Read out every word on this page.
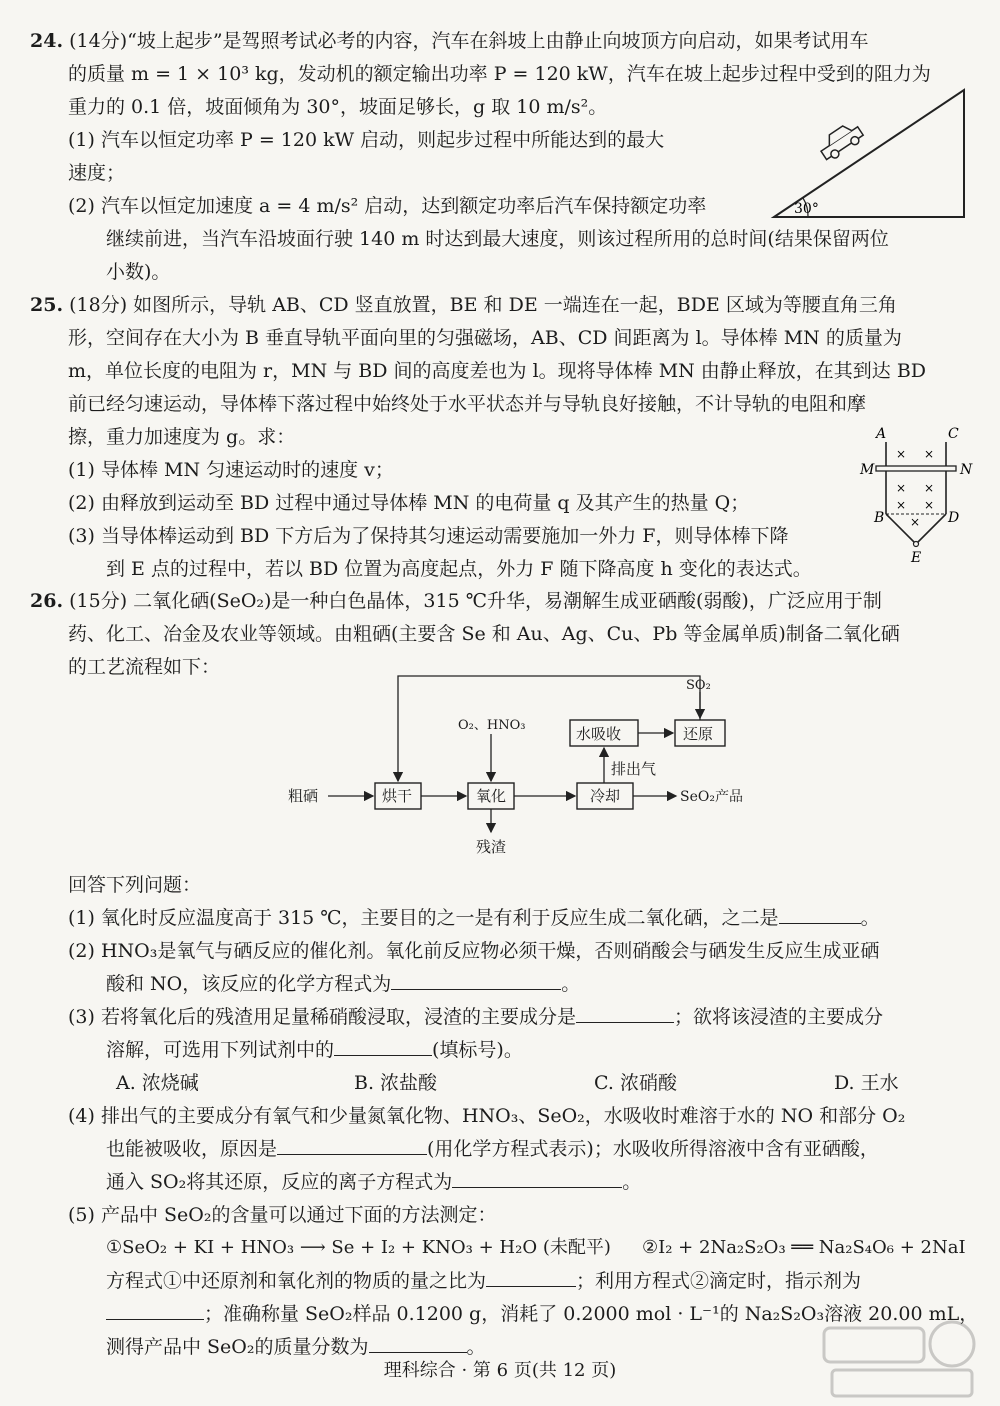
24. (14分)“坡上起步”是驾照考试必考的内容，汽车在斜坡上由静止向坡顶方向启动，如果考试用车
的质量 m = 1 × 10³ kg，发动机的额定输出功率 P = 120 kW，汽车在坡上起步过程中受到的阻力为
重力的 0.1 倍，坡面倾角为 30°，坡面足够长，g 取 10 m/s²。
(1) 汽车以恒定功率 P = 120 kW 启动，则起步过程中所能达到的最大
速度；
(2) 汽车以恒定加速度 a = 4 m/s² 启动，达到额定功率后汽车保持额定功率
继续前进，当汽车沿坡面行驶 140 m 时达到最大速度，则该过程所用的总时间(结果保留两位
小数)。
30°
25. (18分) 如图所示，导轨 AB、CD 竖直放置，BE 和 DE 一端连在一起，BDE 区域为等腰直角三角
形，空间存在大小为 B 垂直导轨平面向里的匀强磁场，AB、CD 间距离为 l。导体棒 MN 的质量为
m，单位长度的电阻为 r，MN 与 BD 间的高度差也为 l。现将导体棒 MN 由静止释放，在其到达 BD
前已经匀速运动，导体棒下落过程中始终处于水平状态并与导轨良好接触，不计导轨的电阻和摩
擦，重力加速度为 g。求：
(1) 导体棒 MN 匀速运动时的速度 v；
(2) 由释放到运动至 BD 过程中通过导体棒 MN 的电荷量 q 及其产生的热量 Q；
(3) 当导体棒运动到 BD 下方后为了保持其匀速运动需要施加一外力 F，则导体棒下降
到 E 点的过程中，若以 BD 位置为高度起点，外力 F 随下降高度 h 变化的表达式。
A	C
M	N
B	D
E
× ×
× ×
× ×
×
26. (15分) 二氧化硒(SeO₂)是一种白色晶体，315 ℃升华，易潮解生成亚硒酸(弱酸)，广泛应用于制
药、化工、冶金及农业等领域。由粗硒(主要含 Se 和 Au、Ag、Cu、Pb 等金属单质)制备二氧化硒
的工艺流程如下：
粗硒	烘干	氧化	冷却	SeO₂产品
O₂、HNO₃
残渣
水吸收	还原
SO₂
排出气
回答下列问题：
(1) 氧化时反应温度高于 315 ℃，主要目的之一是有利于反应生成二氧化硒，之二是	。
(2) HNO₃是氧气与硒反应的催化剂。氧化前反应物必须干燥，否则硝酸会与硒发生反应生成亚硒
酸和 NO，该反应的化学方程式为	。
(3) 若将氧化后的残渣用足量稀硝酸浸取，浸渣的主要成分是	；欲将该浸渣的主要成分
溶解，可选用下列试剂中的	(填标号)。
A. 浓烧碱	B. 浓盐酸	C. 浓硝酸	D. 王水
(4) 排出气的主要成分有氧气和少量氮氧化物、HNO₃、SeO₂，水吸收时难溶于水的 NO 和部分 O₂
也能被吸收，原因是	(用化学方程式表示)；水吸收所得溶液中含有亚硒酸，
通入 SO₂将其还原，反应的离子方程式为	。
(5) 产品中 SeO₂的含量可以通过下面的方法测定：
①SeO₂ + KI + HNO₃ ⟶ Se + I₂ + KNO₃ + H₂O (未配平) ②I₂ + 2Na₂S₂O₃ ══ Na₂S₄O₆ + 2NaI
方程式①中还原剂和氧化剂的物质的量之比为	；利用方程式②滴定时，指示剂为
；准确称量 SeO₂样品 0.1200 g，消耗了 0.2000 mol · L⁻¹的 Na₂S₂O₃溶液 20.00 mL，
测得产品中 SeO₂的质量分数为	。
理科综合 · 第 6 页(共 12 页)
